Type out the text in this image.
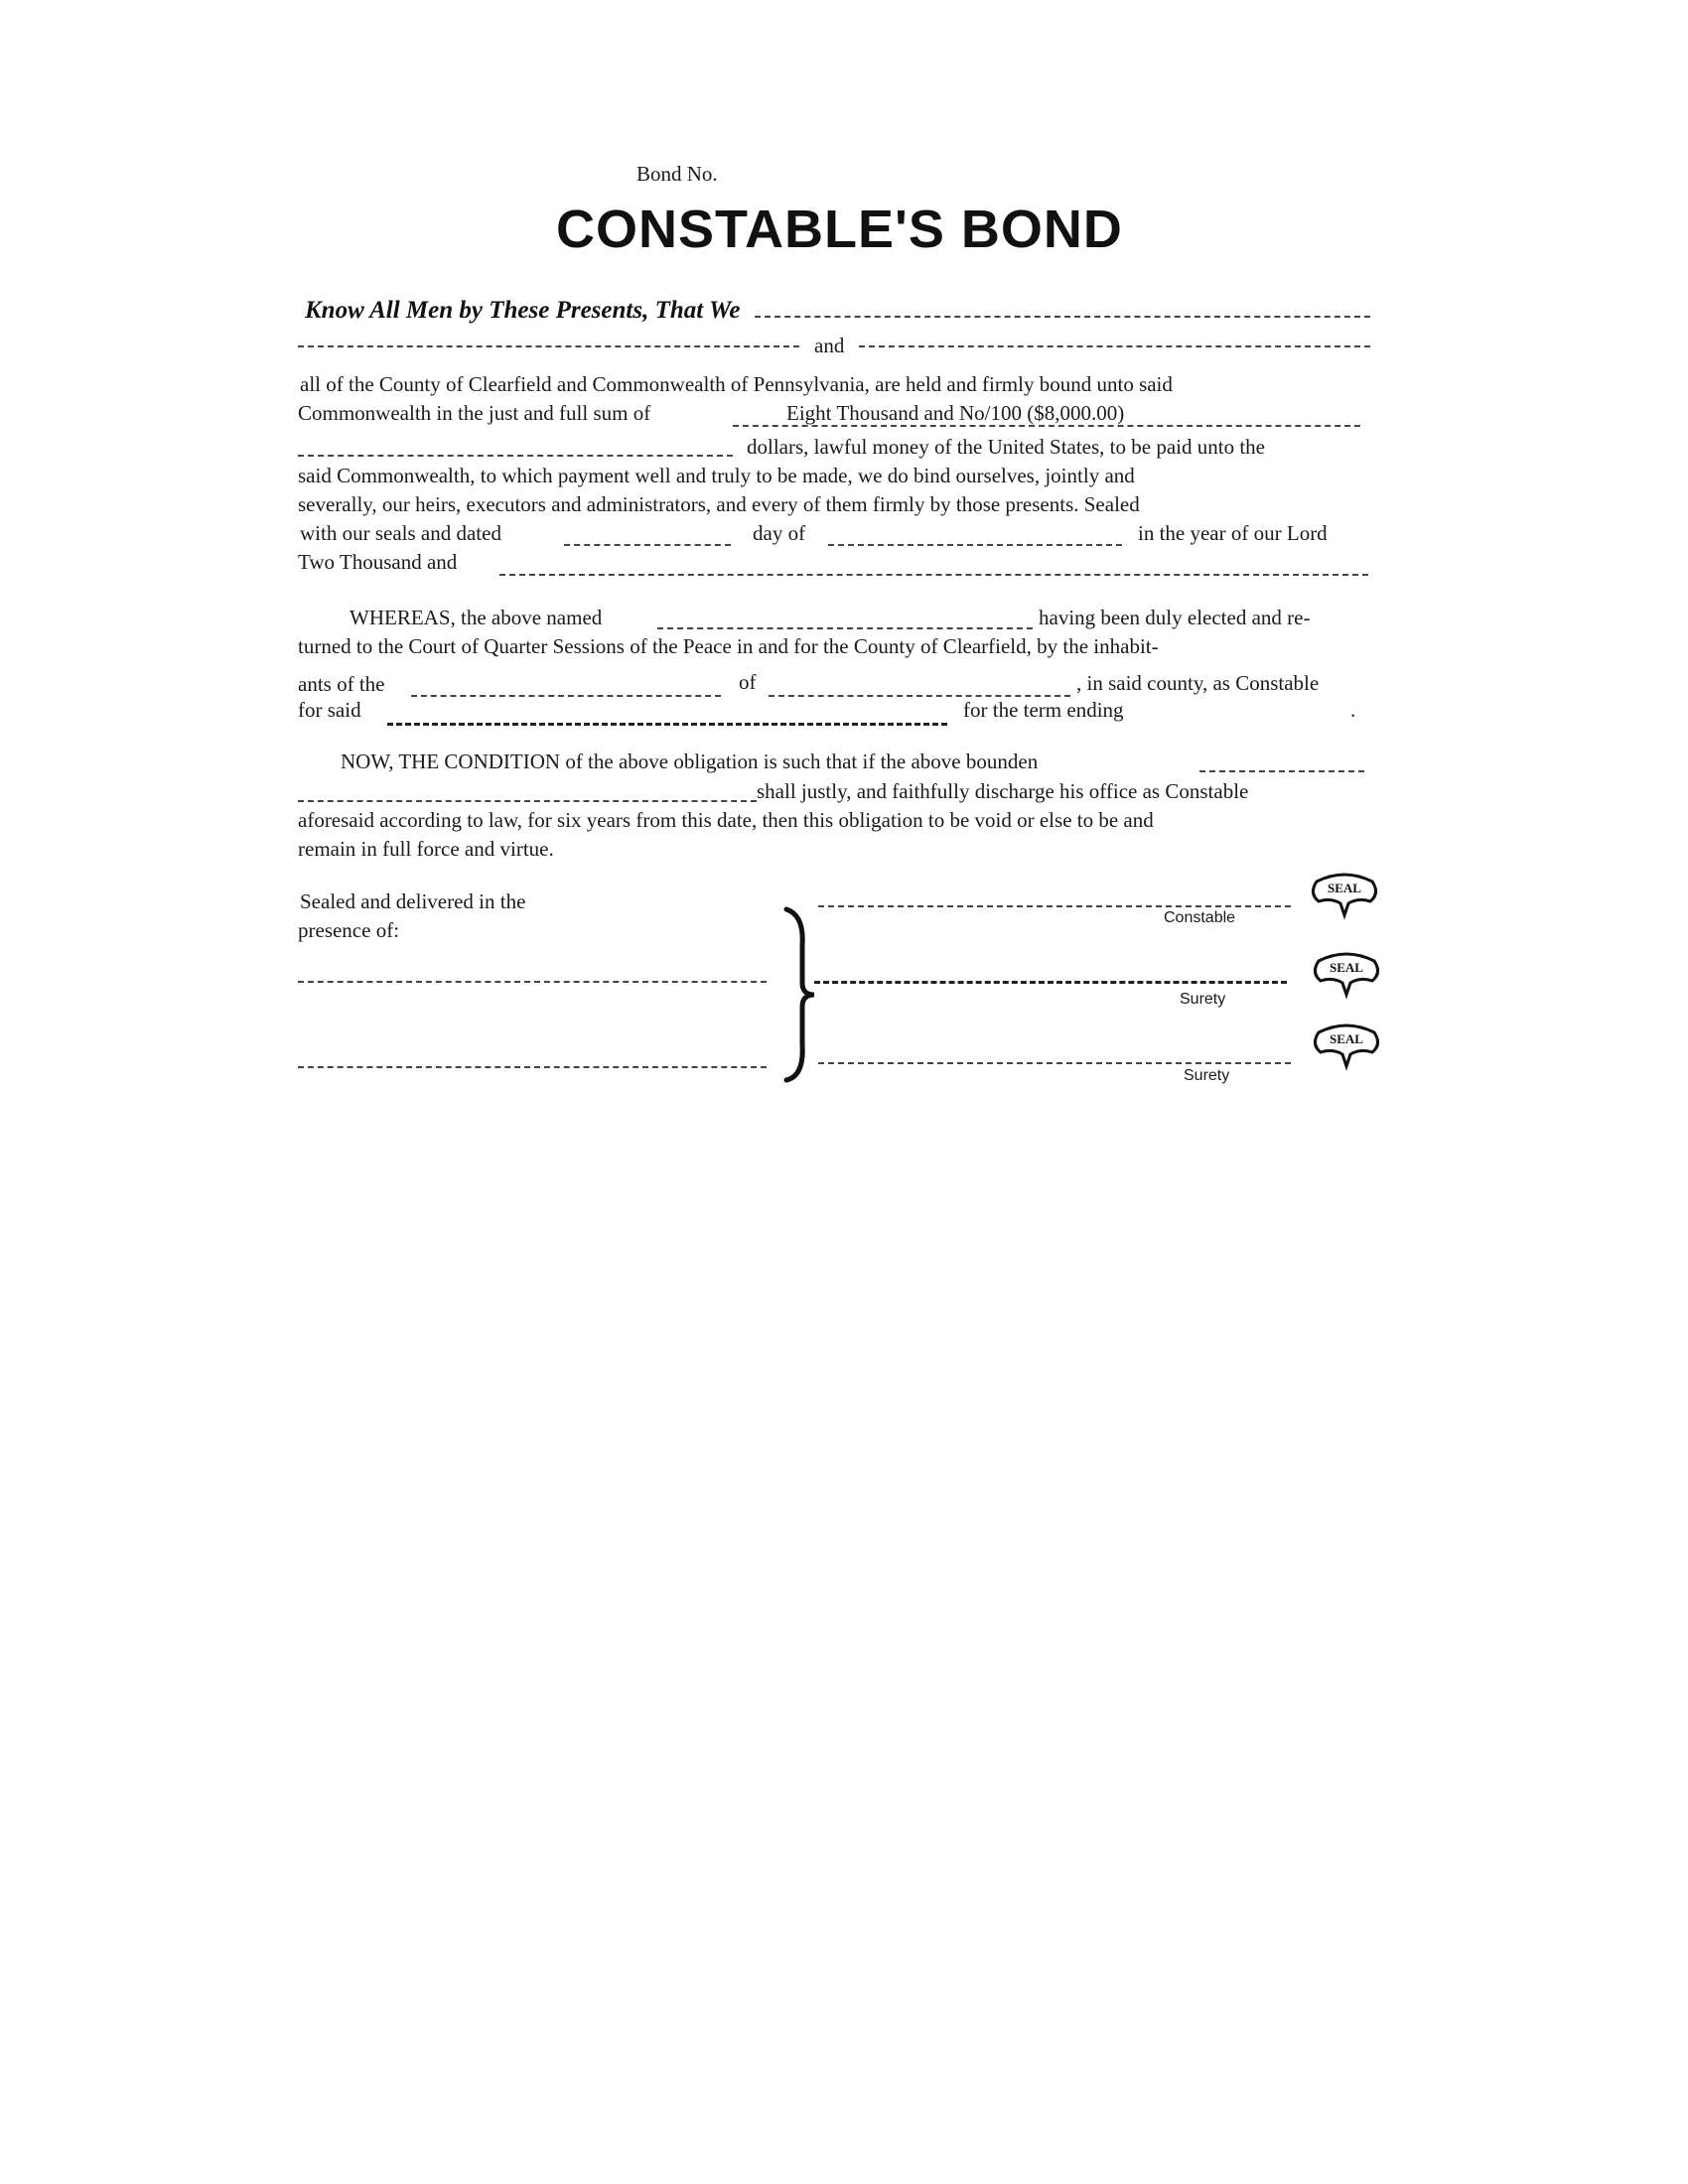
Bond No.
CONSTABLE'S BOND
Know All Men by These Presents, That We
and
all of the County of Clearfield and Commonwealth of Pennsylvania, are held and firmly bound unto said
Commonwealth in the just and full sum of	Eight Thousand and No/100 ($8,000.00)
dollars, lawful money of the United States, to be paid unto the
said Commonwealth, to which payment well and truly to be made, we do bind ourselves, jointly and
severally, our heirs, executors and administrators, and every of them firmly by those presents. Sealed
with our seals and dated	day of	in the year of our Lord
Two Thousand and
WHEREAS, the above named	having been duly elected and re-
turned to the Court of Quarter Sessions of the Peace in and for the County of Clearfield, by the inhabit-
ants of the	of	, in said county, as Constable
for said	for the term ending	.
NOW, THE CONDITION of the above obligation is such that if the above bounden
shall justly, and faithfully discharge his office as Constable
aforesaid according to law, for six years from this date, then this obligation to be void or else to be and
remain in full force and virtue.
Sealed and delivered in the
presence of:
Constable
Surety
Surety
SEAL
SEAL
SEAL
